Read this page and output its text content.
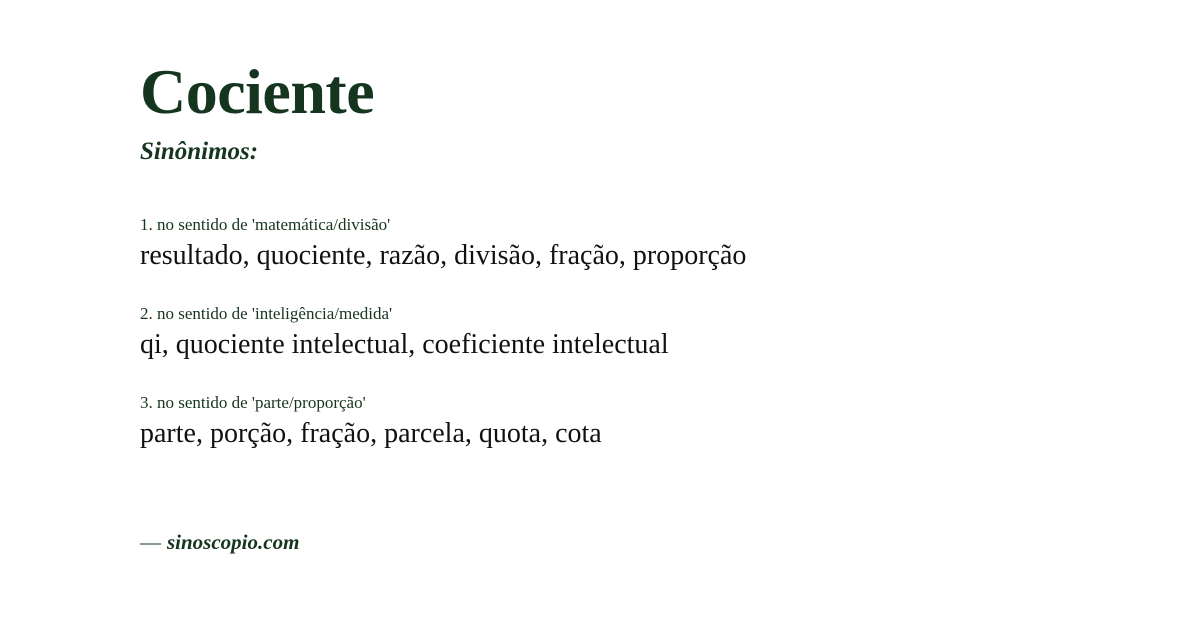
Cociente
Sinônimos:

1. no sentido de 'matemática/divisão'

resultado, quociente, razão, divisão, fração, proporção

2. no sentido de 'inteligência/medida'

qi, quociente intelectual, coeficiente intelectual

3. no sentido de 'parte/proporção'

parte, porção, fração, parcela, quota, cota

— sinoscopio.com
